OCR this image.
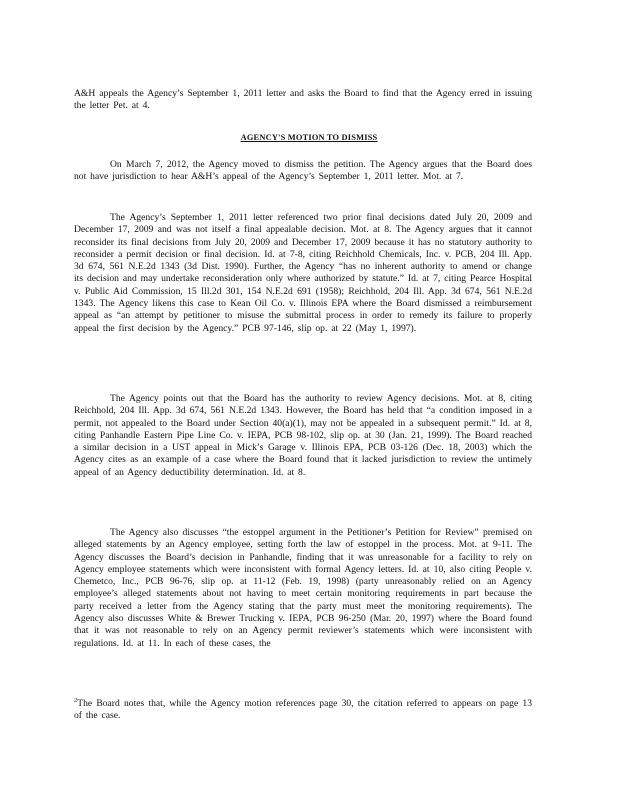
A&H appeals the Agency’s September 1, 2011 letter and asks the Board to find that the Agency erred in issuing the letter Pet. at 4.

AGENCY'S MOTION TO DISMISS

On March 7, 2012, the Agency moved to dismiss the petition. The Agency argues that the Board does not have jurisdiction to hear A&H’s appeal of the Agency’s September 1, 2011 letter. Mot. at 7.

The Agency’s September 1, 2011 letter referenced two prior final decisions dated July 20, 2009 and December 17, 2009 and was not itself a final appealable decision. Mot. at 8. The Agency argues that it cannot reconsider its final decisions from July 20, 2009 and December 17, 2009 because it has no statutory authority to reconsider a permit decision or final decision. Id. at 7-8, citing Reichhold Chemicals, Inc. v. PCB, 204 Ill. App. 3d 674, 561 N.E.2d 1343 (3d Dist. 1990). Further, the Agency “has no inherent authority to amend or change its decision and may undertake reconsideration only where authorized by statute.” Id. at 7, citing Pearce Hospital v. Public Aid Commission, 15 Ill.2d 301, 154 N.E.2d 691 (1958); Reichhold, 204 Ill. App. 3d 674, 561 N.E.2d 1343. The Agency likens this case to Kean Oil Co. v. Illinois EPA where the Board dismissed a reimbursement appeal as “an attempt by petitioner to misuse the submittal process in order to remedy its failure to properly appeal the first decision by the Agency.” PCB 97-146, slip op. at 22 (May 1, 1997).

The Agency points out that the Board has the authority to review Agency decisions. Mot. at 8, citing Reichhold, 204 Ill. App. 3d 674, 561 N.E.2d 1343. However, the Board has held that “a condition imposed in a permit, not appealed to the Board under Section 40(a)(1), may not be appealed in a subsequent permit.” Id. at 8, citing Panhandle Eastern Pipe Line Co. v. IEPA, PCB 98-102, slip op. at 30 (Jan. 21, 1999). The Board reached a similar decision in a UST appeal in Mick’s Garage v. Illinois EPA, PCB 03-126 (Dec. 18, 2003) which the Agency cites as an example of a case where the Board found that it lacked jurisdiction to review the untimely appeal of an Agency deductibility determination. Id. at 8.

The Agency also discusses “the estoppel argument in the Petitioner’s Petition for Review” premised on alleged statements by an Agency employee, setting forth the law of estoppel in the process. Mot. at 9-11. The Agency discusses the Board’s decision in Panhandle, finding that it was unreasonable for a facility to rely on Agency employee statements which were inconsistent with formal Agency letters. Id. at 10, also citing People v. Chemetco, Inc., PCB 96-76, slip op. at 11-12 (Feb. 19, 1998) (party unreasonably relied on an Agency employee’s alleged statements about not having to meet certain monitoring requirements in part because the party received a letter from the Agency stating that the party must meet the monitoring requirements). The Agency also discusses White & Brewer Trucking v. IEPA, PCB 96-250 (Mar. 20, 1997) where the Board found that it was not reasonable to rely on an Agency permit reviewer’s statements which were inconsistent with regulations. Id. at 11. In each of these cases, the

$^2$The Board notes that, while the Agency motion references page 30, the citation referred to appears on page 13 of the case.
